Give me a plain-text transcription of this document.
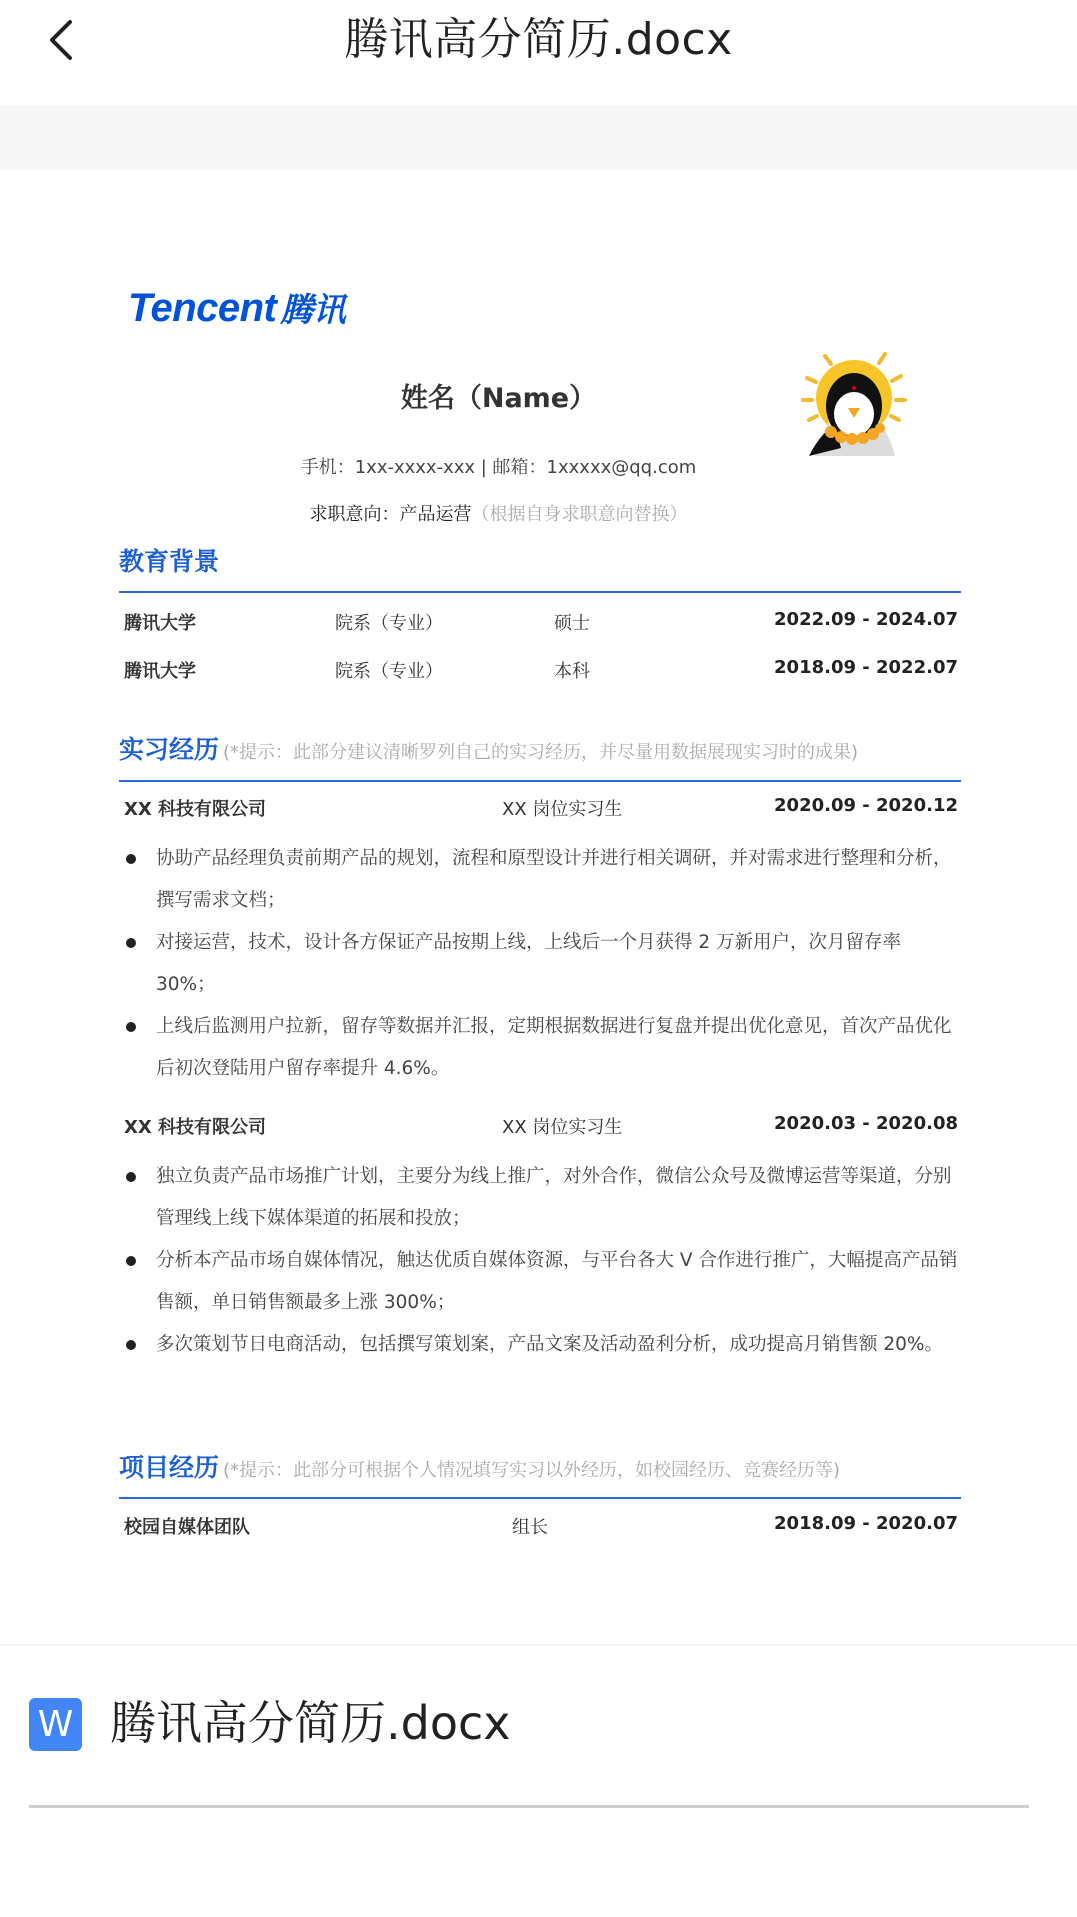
腾讯高分简历.docx
Tencent 腾讯
姓名（Name）
手机：1xx-xxxx-xxx | 邮箱：1xxxxx@qq.com
求职意向：产品运营（根据自身求职意向替换）
教育背景
腾讯大学	院系（专业）	硕士	2022.09 - 2024.07
腾讯大学	院系（专业）	本科	2018.09 - 2022.07
实习经历 (*提示：此部分建议清晰罗列自己的实习经历，并尽量用数据展现实习时的成果)
XX 科技有限公司	XX 岗位实习生	2020.09 - 2020.12
协助产品经理负责前期产品的规划，流程和原型设计并进行相关调研，并对需求进行整理和分析，撰写需求文档；
对接运营，技术，设计各方保证产品按期上线，上线后一个月获得 2 万新用户，次月留存率 30%；
上线后监测用户拉新，留存等数据并汇报，定期根据数据进行复盘并提出优化意见，首次产品优化后初次登陆用户留存率提升 4.6%。
XX 科技有限公司	XX 岗位实习生	2020.03 - 2020.08
独立负责产品市场推广计划，主要分为线上推广，对外合作，微信公众号及微博运营等渠道，分别管理线上线下媒体渠道的拓展和投放；
分析本产品市场自媒体情况，触达优质自媒体资源，与平台各大 V 合作进行推广，大幅提高产品销售额，单日销售额最多上涨 300%；
多次策划节日电商活动，包括撰写策划案，产品文案及活动盈利分析，成功提高月销售额 20%。
项目经历 (*提示：此部分可根据个人情况填写实习以外经历，如校园经历、竞赛经历等)
校园自媒体团队	组长	2018.09 - 2020.07
W 腾讯高分简历.docx
